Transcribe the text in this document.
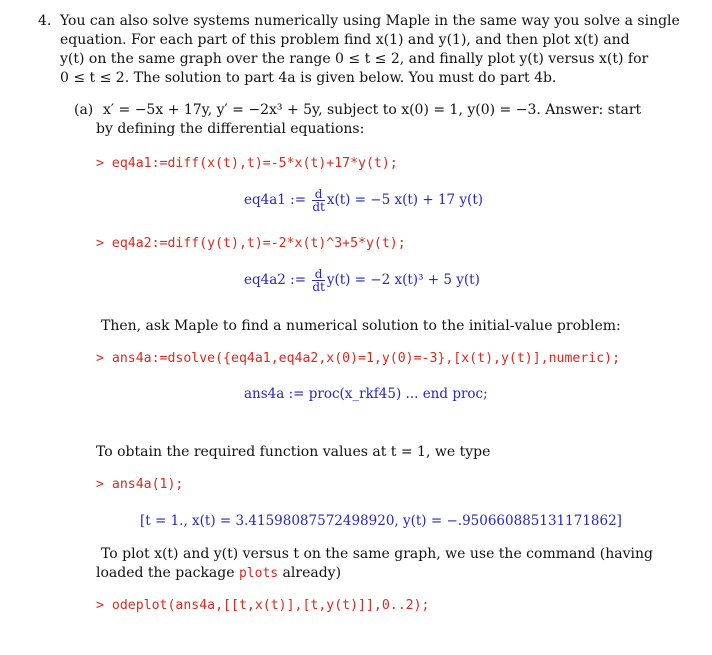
4. You can also solve systems numerically using Maple in the same way you solve a single
equation. For each part of this problem find x(1) and y(1), and then plot x(t) and
y(t) on the same graph over the range 0 ≤ t ≤ 2, and finally plot y(t) versus x(t) for
0 ≤ t ≤ 2. The solution to part 4a is given below. You must do part 4b.
(a) x′ = −5x + 17y, y′ = −2x³ + 5y, subject to x(0) = 1, y(0) = −3. Answer: start
by defining the differential equations:
> eq4a1:=diff(x(t),t)=-5*x(t)+17*y(t);
eq4a1 := $\frac{d}{dt} x(t) = -5$ x(t) + 17 y(t)
> eq4a2:=diff(y(t),t)=-2*x(t)^3+5*y(t);
eq4a2 := $\frac{d}{dt} y(t) = -2$ x(t)³ + 5 y(t)
Then, ask Maple to find a numerical solution to the initial-value problem:
> ans4a:=dsolve({eq4a1,eq4a2,x(0)=1,y(0)=-3},[x(t),y(t)],numeric);
ans4a := proc(x_rkf45) ... end proc;
To obtain the required function values at t = 1, we type
> ans4a(1);
[t = 1., x(t) = 3.41598087572498920, y(t) = −.950660885131171862]
To plot x(t) and y(t) versus t on the same graph, we use the command (having
loaded the package plots already)
> odeplot(ans4a,[[t,x(t)],[t,y(t)]],0..2);
